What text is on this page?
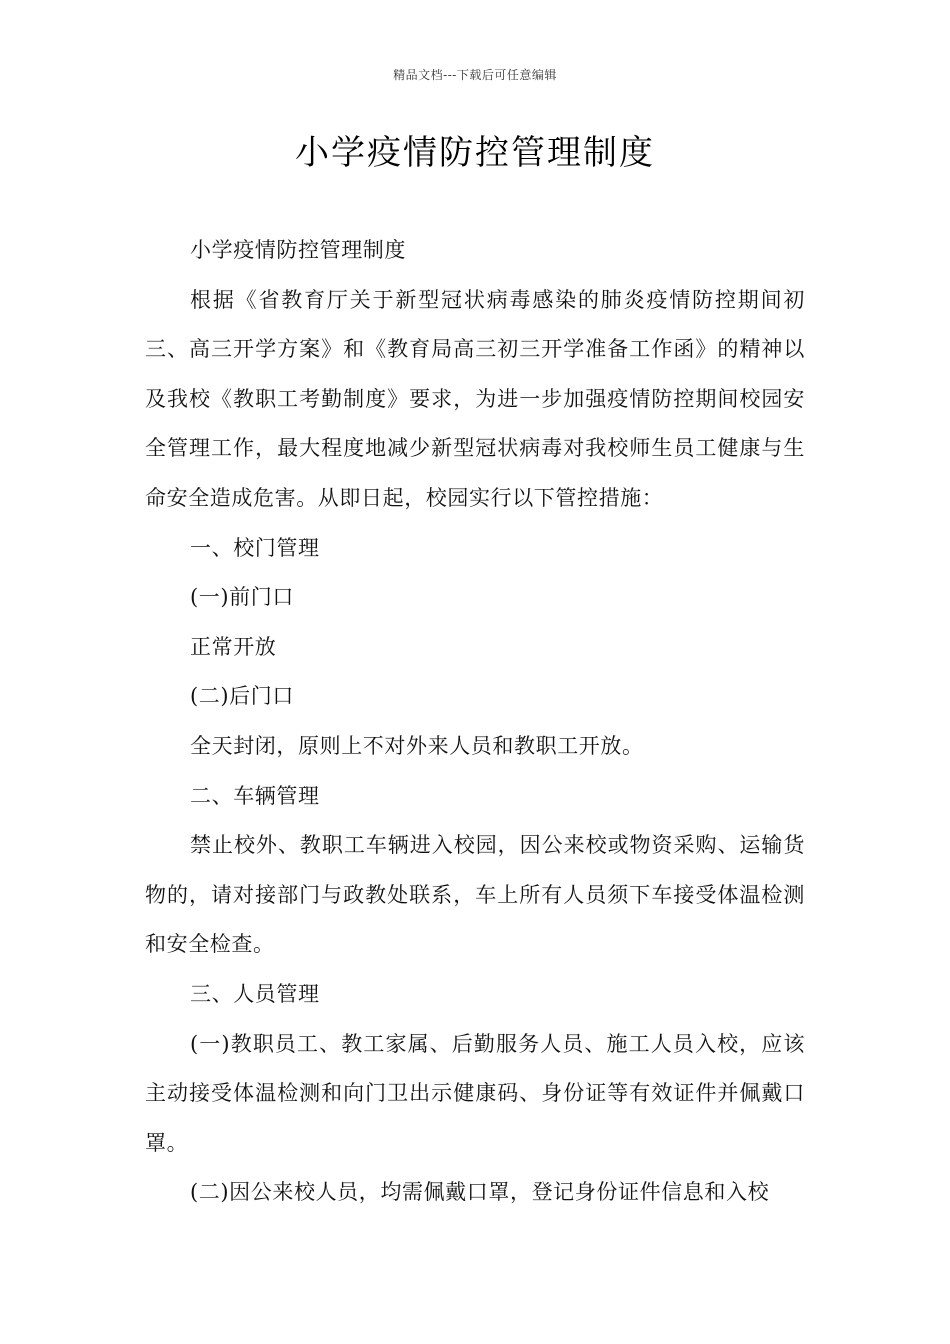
精品文档---下载后可任意编辑
小学疫情防控管理制度

小学疫情防控管理制度

根据《省教育厅关于新型冠状病毒感染的肺炎疫情防控期间初三、高三开学方案》和《教育局高三初三开学准备工作函》的精神以及我校《教职工考勤制度》要求，为进一步加强疫情防控期间校园安全管理工作，最大程度地减少新型冠状病毒对我校师生员工健康与生命安全造成危害。从即日起，校园实行以下管控措施：

一、校门管理

(一)前门口

正常开放

(二)后门口

全天封闭，原则上不对外来人员和教职工开放。

二、车辆管理

禁止校外、教职工车辆进入校园，因公来校或物资采购、运输货物的，请对接部门与政教处联系，车上所有人员须下车接受体温检测和安全检查。

三、人员管理

(一)教职员工、教工家属、后勤服务人员、施工人员入校，应该主动接受体温检测和向门卫出示健康码、身份证等有效证件并佩戴口罩。

(二)因公来校人员，均需佩戴口罩，登记身份证件信息和入校
